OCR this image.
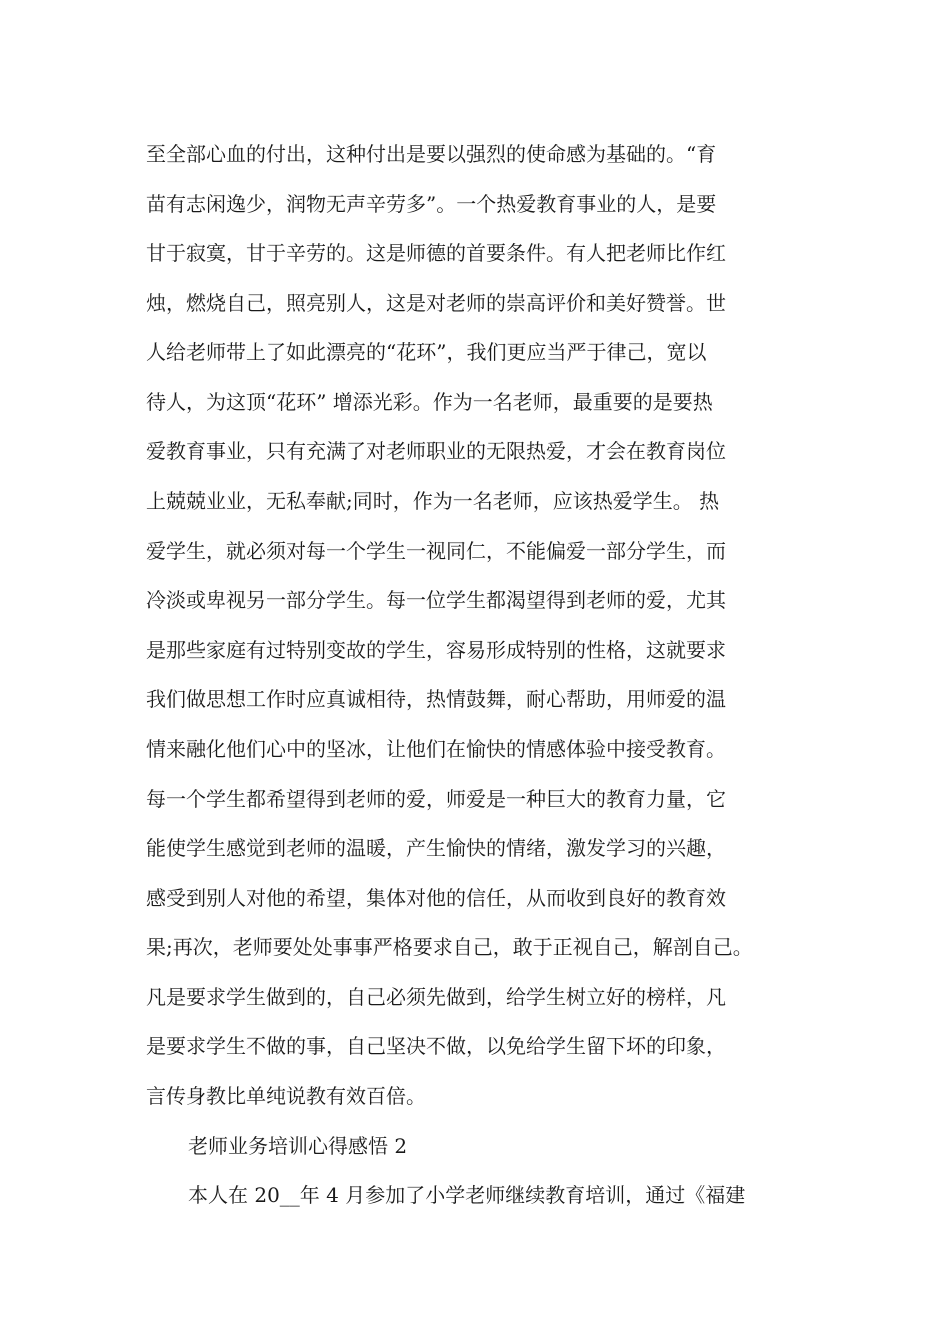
至全部心血的付出，这种付出是要以强烈的使命感为基础的。“育

苗有志闲逸少，润物无声辛劳多”。一个热爱教育事业的人，是要

甘于寂寞，甘于辛劳的。这是师德的首要条件。有人把老师比作红

烛，燃烧自己，照亮别人，这是对老师的崇高评价和美好赞誉。世

人给老师带上了如此漂亮的“花环”，我们更应当严于律己，宽以

待人，为这顶“花环” 增添光彩。作为一名老师，最重要的是要热

爱教育事业，只有充满了对老师职业的无限热爱，才会在教育岗位

上兢兢业业，无私奉献;同时，作为一名老师，应该热爱学生。 热

爱学生，就必须对每一个学生一视同仁，不能偏爱一部分学生，而

冷淡或卑视另一部分学生。每一位学生都渴望得到老师的爱，尤其

是那些家庭有过特别变故的学生，容易形成特别的性格，这就要求

我们做思想工作时应真诚相待，热情鼓舞，耐心帮助，用师爱的温

情来融化他们心中的坚冰，让他们在愉快的情感体验中接受教育。

每一个学生都希望得到老师的爱，师爱是一种巨大的教育力量，它

能使学生感觉到老师的温暖，产生愉快的情绪，激发学习的兴趣，

感受到别人对他的希望，集体对他的信任，从而收到良好的教育效

果;再次，老师要处处事事严格要求自己，敢于正视自己，解剖自己。

凡是要求学生做到的，自己必须先做到，给学生树立好的榜样，凡

是要求学生不做的事，自己坚决不做，以免给学生留下坏的印象，

言传身教比单纯说教有效百倍。

老师业务培训心得感悟 2

本人在 20__年 4 月参加了小学老师继续教育培训，通过《福建
